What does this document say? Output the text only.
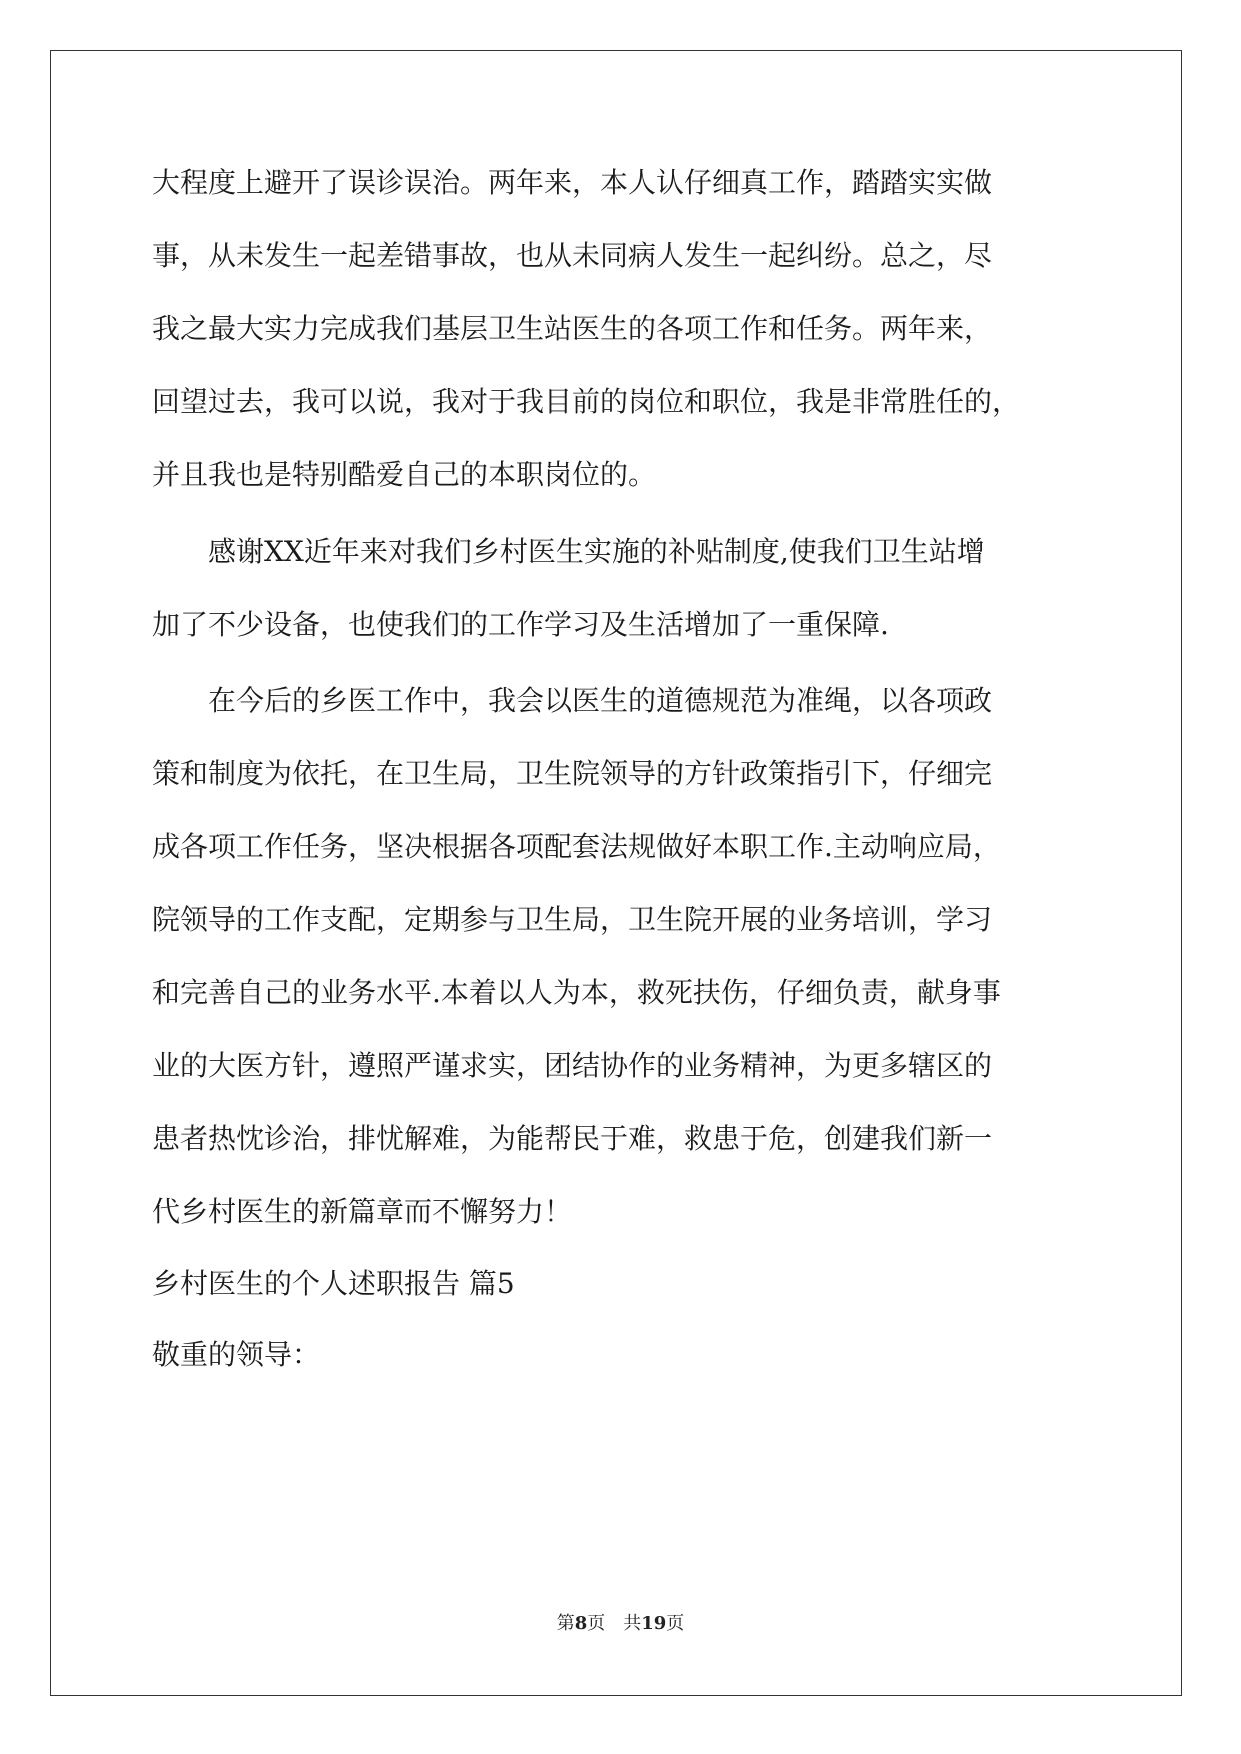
大程度上避开了误诊误治。两年来，本人认仔细真工作，踏踏实实做
事，从未发生一起差错事故，也从未同病人发生一起纠纷。总之，尽
我之最大实力完成我们基层卫生站医生的各项工作和任务。两年来，
回望过去，我可以说，我对于我目前的岗位和职位，我是非常胜任的，
并且我也是特别酷爱自己的本职岗位的。
感谢XX近年来对我们乡村医生实施的补贴制度,使我们卫生站增
加了不少设备，也使我们的工作学习及生活增加了一重保障.
在今后的乡医工作中，我会以医生的道德规范为准绳，以各项政
策和制度为依托，在卫生局，卫生院领导的方针政策指引下，仔细完
成各项工作任务，坚决根据各项配套法规做好本职工作.主动响应局，
院领导的工作支配，定期参与卫生局，卫生院开展的业务培训，学习
和完善自己的业务水平.本着以人为本，救死扶伤，仔细负责，献身事
业的大医方针，遵照严谨求实，团结协作的业务精神，为更多辖区的
患者热忱诊治，排忧解难，为能帮民于难，救患于危，创建我们新一
代乡村医生的新篇章而不懈努力！
乡村医生的个人述职报告 篇5
敬重的领导：
第8页　共19页
